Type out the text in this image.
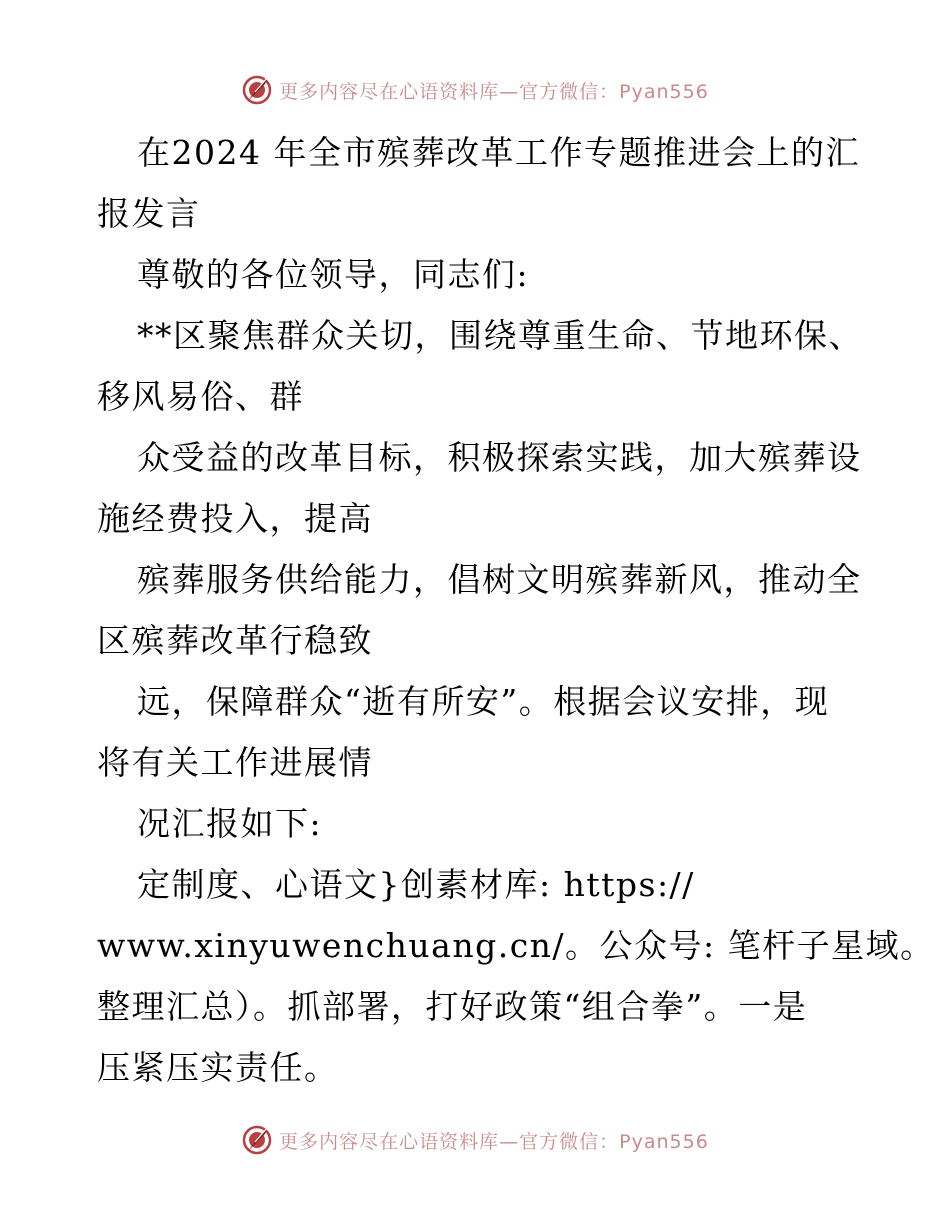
更多内容尽在心语资料库—官方微信：Pyan556

在2024 年全市殡葬改革工作专题推进会上的汇

报发言

尊敬的各位领导，同志们:

**区聚焦群众关切，围绕尊重生命、节地环保、

移风易俗、群

众受益的改革目标，积极探索实践，加大殡葬设

施经费投入，提高

殡葬服务供给能力，倡树文明殡葬新风，推动全

区殡葬改革行稳致

远，保障群众“逝有所安”。根据会议安排，现

将有关工作进展情

况汇报如下:

定制度、心语文}创素材库: https://

www.xinyuwenchuang.cn/。公众号: 笔杆子星域。

整理汇总）。抓部署，打好政策“组合拳”。一是

压紧压实责任。

更多内容尽在心语资料库—官方微信：Pyan556
